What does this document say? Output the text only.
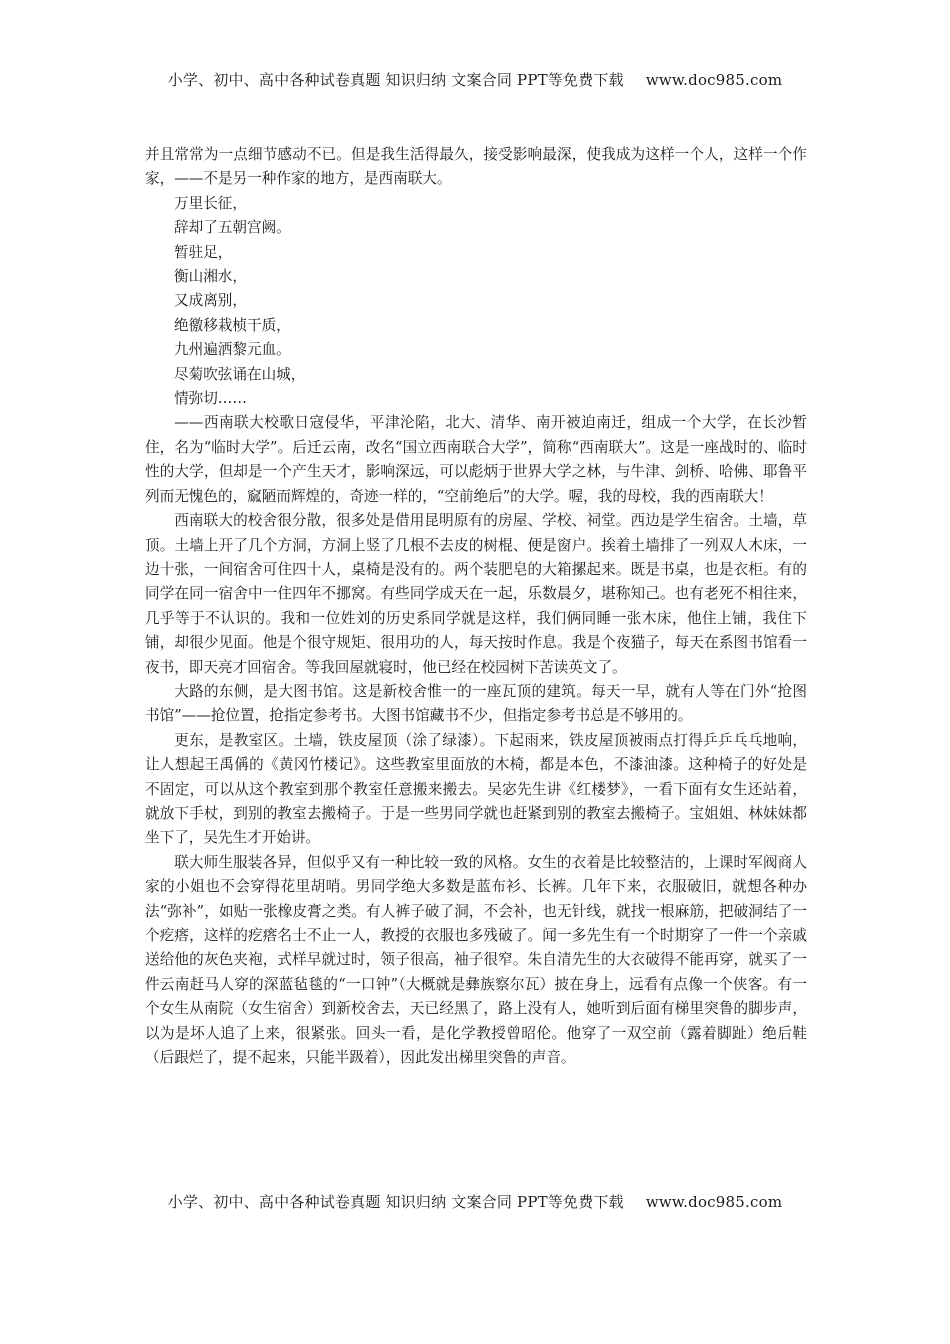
小学、初中、高中各种试卷真题 知识归纳 文案合同 PPT等免费下载 www.doc985.com

并且常常为一点细节感动不已。但是我生活得最久，接受影响最深，使我成为这样一个人，这样一个作家，——不是另一种作家的地方，是西南联大。

万里长征，

辞却了五朝宫阙。

暂驻足，

衡山湘水，

又成离别，

绝徼移栽桢干质，

九州遍洒黎元血。

尽菊吹弦诵在山城，

情弥切……

——西南联大校歌日寇侵华，平津沦陷，北大、清华、南开被迫南迁，组成一个大学，在长沙暂住，名为“临时大学”。后迁云南，改名“国立西南联合大学”，简称“西南联大”。这是一座战时的、临时性的大学，但却是一个产生天才，影响深远，可以彪炳于世界大学之林，与牛津、剑桥、哈佛、耶鲁平列而无愧色的，窳陋而辉煌的，奇迹一样的，“空前绝后”的大学。喔，我的母校，我的西南联大！

西南联大的校舍很分散，很多处是借用昆明原有的房屋、学校、祠堂。西边是学生宿舍。土墙，草顶。土墙上开了几个方洞，方洞上竖了几根不去皮的树棍、便是窗户。挨着土墙排了一列双人木床，一边十张，一间宿舍可住四十人，桌椅是没有的。两个装肥皂的大箱摞起来。既是书桌，也是衣柜。有的同学在同一宿舍中一住四年不挪窝。有些同学成天在一起，乐数晨夕，堪称知己。也有老死不相往来，几乎等于不认识的。我和一位姓刘的历史系同学就是这样，我们俩同睡一张木床，他住上铺，我住下铺，却很少见面。他是个很守规矩、很用功的人，每天按时作息。我是个夜猫子，每天在系图书馆看一夜书，即天亮才回宿舍。等我回屋就寝时，他已经在校园树下苦读英文了。

大路的东侧，是大图书馆。这是新校舍惟一的一座瓦顶的建筑。每天一早，就有人等在门外“抢图书馆”——抢位置，抢指定参考书。大图书馆藏书不少，但指定参考书总是不够用的。

更东，是教室区。土墙，铁皮屋顶（涂了绿漆）。下起雨来，铁皮屋顶被雨点打得乒乒乓乓地响，让人想起王禹偁的《黄冈竹楼记》。这些教室里面放的木椅，都是本色，不漆油漆。这种椅子的好处是不固定，可以从这个教室到那个教室任意搬来搬去。吴宓先生讲《红楼梦》，一看下面有女生还站着，就放下手杖，到别的教室去搬椅子。于是一些男同学就也赶紧到别的教室去搬椅子。宝姐姐、林妹妹都坐下了，吴先生才开始讲。

联大师生服装各异，但似乎又有一种比较一致的风格。女生的衣着是比较整洁的，上课时军阀商人家的小姐也不会穿得花里胡哨。男同学绝大多数是蓝布衫、长裤。几年下来，衣服破旧，就想各种办法“弥补”，如贴一张橡皮膏之类。有人裤子破了洞，不会补，也无针线，就找一根麻筋，把破洞结了一个疙瘩，这样的疙瘩名士不止一人，教授的衣服也多残破了。闻一多先生有一个时期穿了一件一个亲戚送给他的灰色夹袍，式样早就过时，领子很高，袖子很窄。朱自清先生的大衣破得不能再穿，就买了一件云南赶马人穿的深蓝毡毯的“一口钟”（大概就是彝族察尔瓦）披在身上，远看有点像一个侠客。有一个女生从南院（女生宿舍）到新校舍去，天已经黑了，路上没有人，她听到后面有梯里突鲁的脚步声，以为是坏人追了上来，很紧张。回头一看，是化学教授曾昭伦。他穿了一双空前（露着脚趾）绝后鞋（后跟烂了，提不起来，只能半趿着），因此发出梯里突鲁的声音。

小学、初中、高中各种试卷真题 知识归纳 文案合同 PPT等免费下载 www.doc985.com
